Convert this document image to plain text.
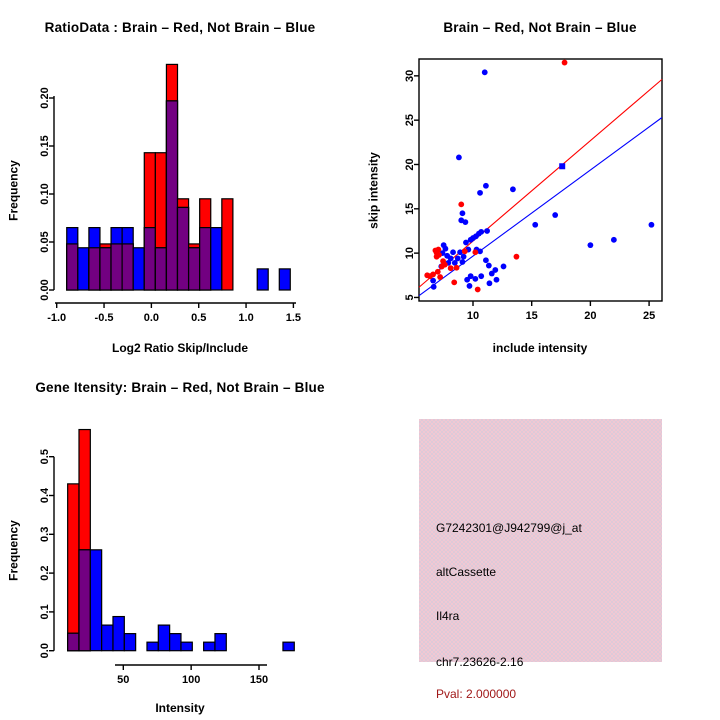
0.00
0.05
0.10
0.15
0.20
-1.0	-0.5	0.0	0.5	1.0	1.5
RatioData : Brain – Red, Not Brain – Blue
Log2 Ratio Skip/Include
Frequency
10	15	20	25
5
10
15
20
25
30
Brain – Red, Not Brain – Blue
include intensity
skip intensity
0.0
0.1
0.2
0.3
0.4
0.5
50	100	150
Gene Itensity: Brain – Red, Not Brain – Blue
Intensity
Frequency	G7242301@J942799@j_at
altCassette
Il4ra
chr7.23626-2.16
Pval: 2.000000
